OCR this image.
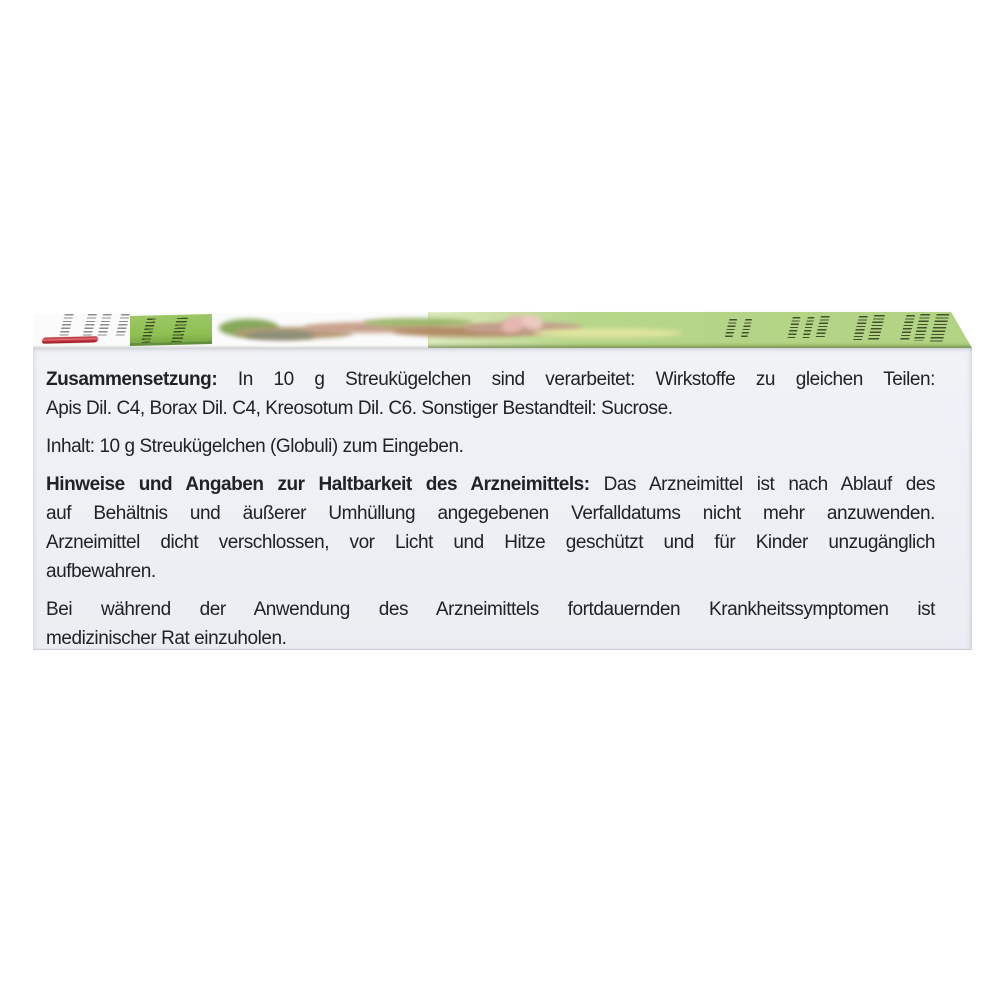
Zusammensetzung: In 10 g Streukügelchen sind verarbeitet: Wirkstoffe zu gleichen Teilen:

Apis Dil. C4, Borax Dil. C4, Kreosotum Dil. C6. Sonstiger Bestandteil: Sucrose.

Inhalt: 10 g Streukügelchen (Globuli) zum Eingeben.

Hinweise und Angaben zur Haltbarkeit des Arzneimittels: Das Arzneimittel ist nach Ablauf des

auf Behältnis und äußerer Umhüllung angegebenen Verfalldatums nicht mehr anzuwenden.

Arzneimittel dicht verschlossen, vor Licht und Hitze geschützt und für Kinder unzugänglich

aufbewahren.

Bei während der Anwendung des Arzneimittels fortdauernden Krankheitssymptomen ist

medizinischer Rat einzuholen.
